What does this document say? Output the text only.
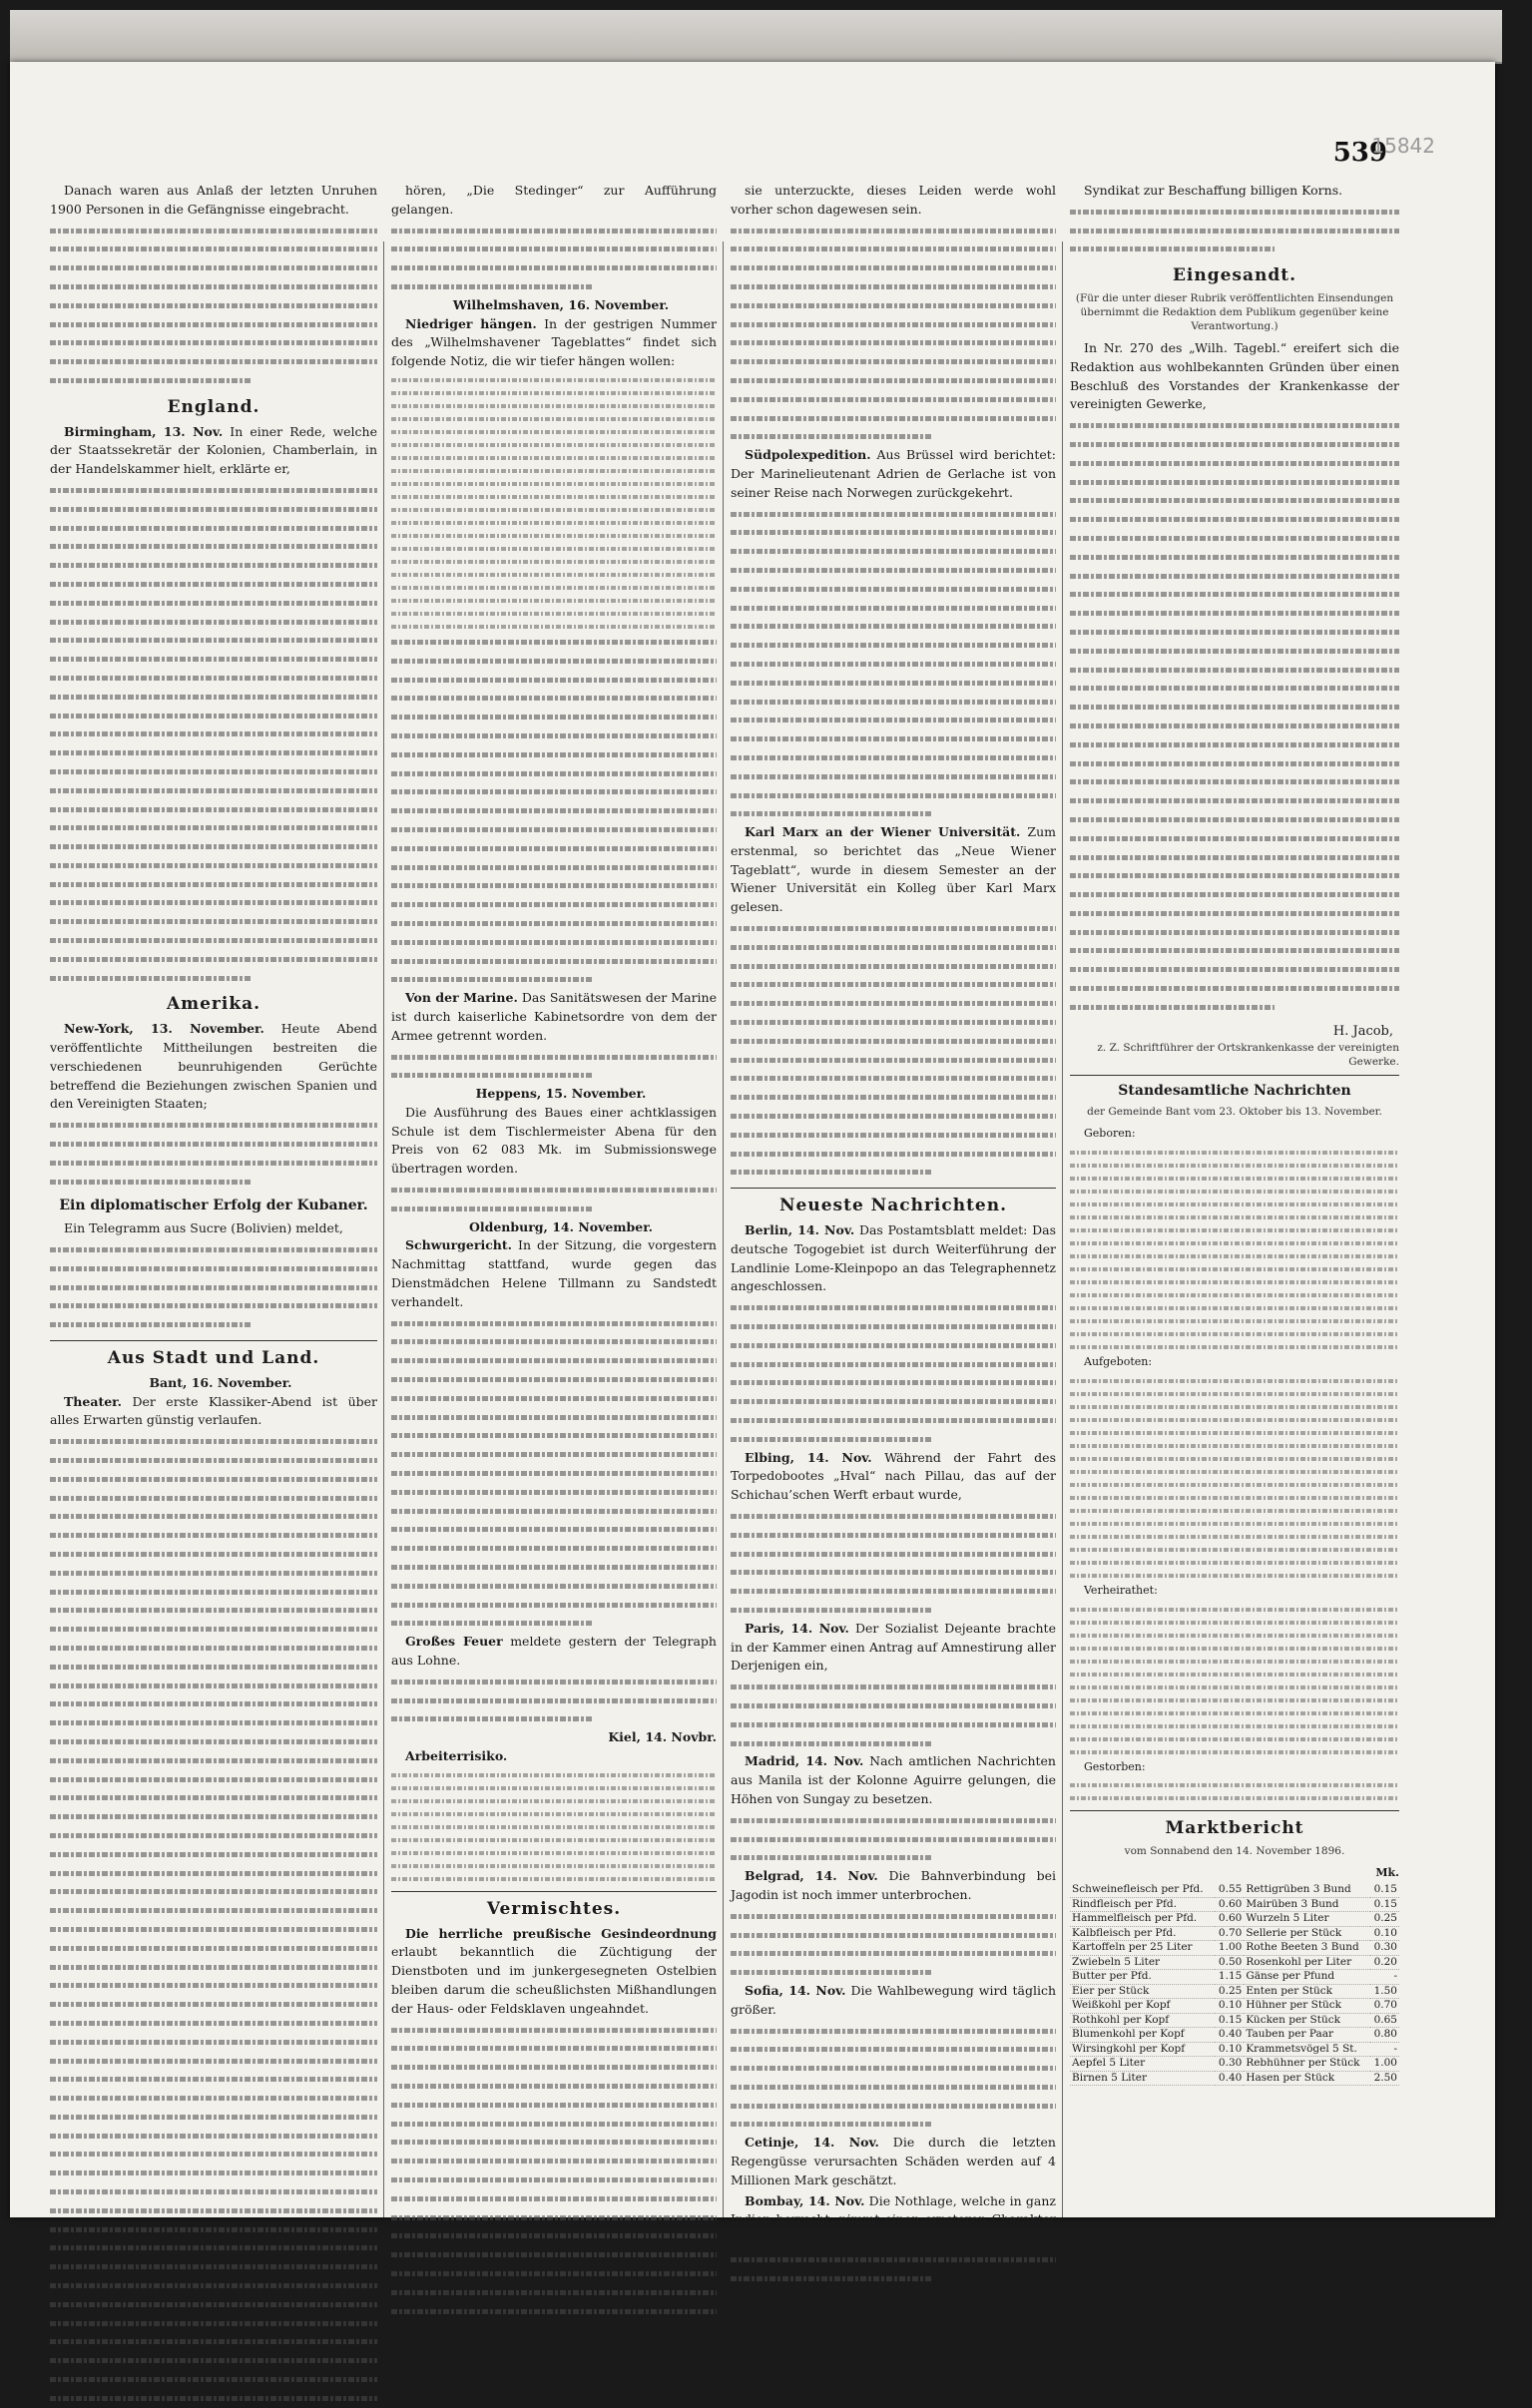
539
15842

Danach waren aus Anlaß der letzten Unruhen 1900 Personen in die Gefängnisse eingebracht.

England.

Birmingham, 13. Nov. In einer Rede, welche der Staatssekretär der Kolonien, Chamberlain, in der Handelskammer hielt, erklärte er,

Amerika.

New-York, 13. November. Heute Abend veröffentlichte Mittheilungen bestreiten die verschiedenen beunruhigenden Gerüchte betreffend die Beziehungen zwischen Spanien und den Vereinigten Staaten;

Ein diplomatischer Erfolg der Kubaner.

Ein Telegramm aus Sucre (Bolivien) meldet,

Aus Stadt und Land.

Bant, 16. November.

Theater. Der erste Klassiker-Abend ist über alles Erwarten günstig verlaufen.

hören, „Die Stedinger“ zur Aufführung gelangen.

Wilhelmshaven, 16. November.

Niedriger hängen. In der gestrigen Nummer des „Wilhelmshavener Tageblattes“ findet sich folgende Notiz, die wir tiefer hängen wollen:

Von der Marine. Das Sanitätswesen der Marine ist durch kaiserliche Kabinetsordre von dem der Armee getrennt worden.

Heppens, 15. November.

Die Ausführung des Baues einer achtklassigen Schule ist dem Tischlermeister Abena für den Preis von 62 083 Mk. im Submissionswege übertragen worden.

Oldenburg, 14. November.

Schwurgericht. In der Sitzung, die vorgestern Nachmittag stattfand, wurde gegen das Dienstmädchen Helene Tillmann zu Sandstedt verhandelt.

Großes Feuer meldete gestern der Telegraph aus Lohne.

Kiel, 14. Novbr.

Arbeiterrisiko.

Vermischtes.

Die herrliche preußische Gesindeordnung erlaubt bekanntlich die Züchtigung der Dienstboten und im junkergesegneten Ostelbien bleiben darum die scheußlichsten Mißhandlungen der Haus- oder Feldsklaven ungeahndet.

sie unterzuckte, dieses Leiden werde wohl vorher schon dagewesen sein.

Südpolexpedition. Aus Brüssel wird berichtet: Der Marinelieutenant Adrien de Gerlache ist von seiner Reise nach Norwegen zurückgekehrt.

Karl Marx an der Wiener Universität. Zum erstenmal, so berichtet das „Neue Wiener Tageblatt“, wurde in diesem Semester an der Wiener Universität ein Kolleg über Karl Marx gelesen.

Neueste Nachrichten.

Berlin, 14. Nov. Das Postamtsblatt meldet: Das deutsche Togogebiet ist durch Weiterführung der Landlinie Lome-Kleinpopo an das Telegraphennetz angeschlossen.

Elbing, 14. Nov. Während der Fahrt des Torpedobootes „Hval“ nach Pillau, das auf der Schichau’schen Werft erbaut wurde,

Paris, 14. Nov. Der Sozialist Dejeante brachte in der Kammer einen Antrag auf Amnestirung aller Derjenigen ein,

Madrid, 14. Nov. Nach amtlichen Nachrichten aus Manila ist der Kolonne Aguirre gelungen, die Höhen von Sungay zu besetzen.

Belgrad, 14. Nov. Die Bahnverbindung bei Jagodin ist noch immer unterbrochen.

Sofia, 14. Nov. Die Wahlbewegung wird täglich größer.

Cetinje, 14. Nov. Die durch die letzten Regengüsse verursachten Schäden werden auf 4 Millionen Mark geschätzt.

Bombay, 14. Nov. Die Nothlage, welche in ganz Indien herrscht, nimmt einen ernsteren Charakter an; die Kornpreise steigen weiter.

Syndikat zur Beschaffung billigen Korns.

Eingesandt.

(Für die unter dieser Rubrik veröffentlichten Einsendungen übernimmt die Redaktion dem Publikum gegenüber keine Verantwortung.)

In Nr. 270 des „Wilh. Tagebl.“ ereifert sich die Redaktion aus wohlbekannten Gründen über einen Beschluß des Vorstandes der Krankenkasse der vereinigten Gewerke,

H. Jacob,

z. Z. Schriftführer der Ortskrankenkasse der vereinigten Gewerke.

Standesamtliche Nachrichten

der Gemeinde Bant vom 23. Oktober bis 13. November.

Geboren:

Aufgeboten:

Verheirathet:

Gestorben:

Marktbericht

vom Sonnabend den 14. November 1896.

Mk.
Schweinefleisch per Pfd.	0.55	Rettigrüben 3 Bund	0.15
Rindfleisch per Pfd.	0.60	Mairüben 3 Bund	0.15
Hammelfleisch per Pfd.	0.60	Wurzeln 5 Liter	0.25
Kalbfleisch per Pfd.	0.70	Sellerie per Stück	0.10
Kartoffeln per 25 Liter	1.00	Rothe Beeten 3 Bund	0.30
Zwiebeln 5 Liter	0.50	Rosenkohl per Liter	0.20
Butter per Pfd.	1.15	Gänse per Pfund	-
Eier per Stück	0.25	Enten per Stück	1.50
Weißkohl per Kopf	0.10	Hühner per Stück	0.70
Rothkohl per Kopf	0.15	Kücken per Stück	0.65
Blumenkohl per Kopf	0.40	Tauben per Paar	0.80
Wirsingkohl per Kopf	0.10	Krammetsvögel 5 St.	-
Aepfel 5 Liter	0.30	Rebhühner per Stück	1.00
Birnen 5 Liter	0.40	Hasen per Stück	2.50
